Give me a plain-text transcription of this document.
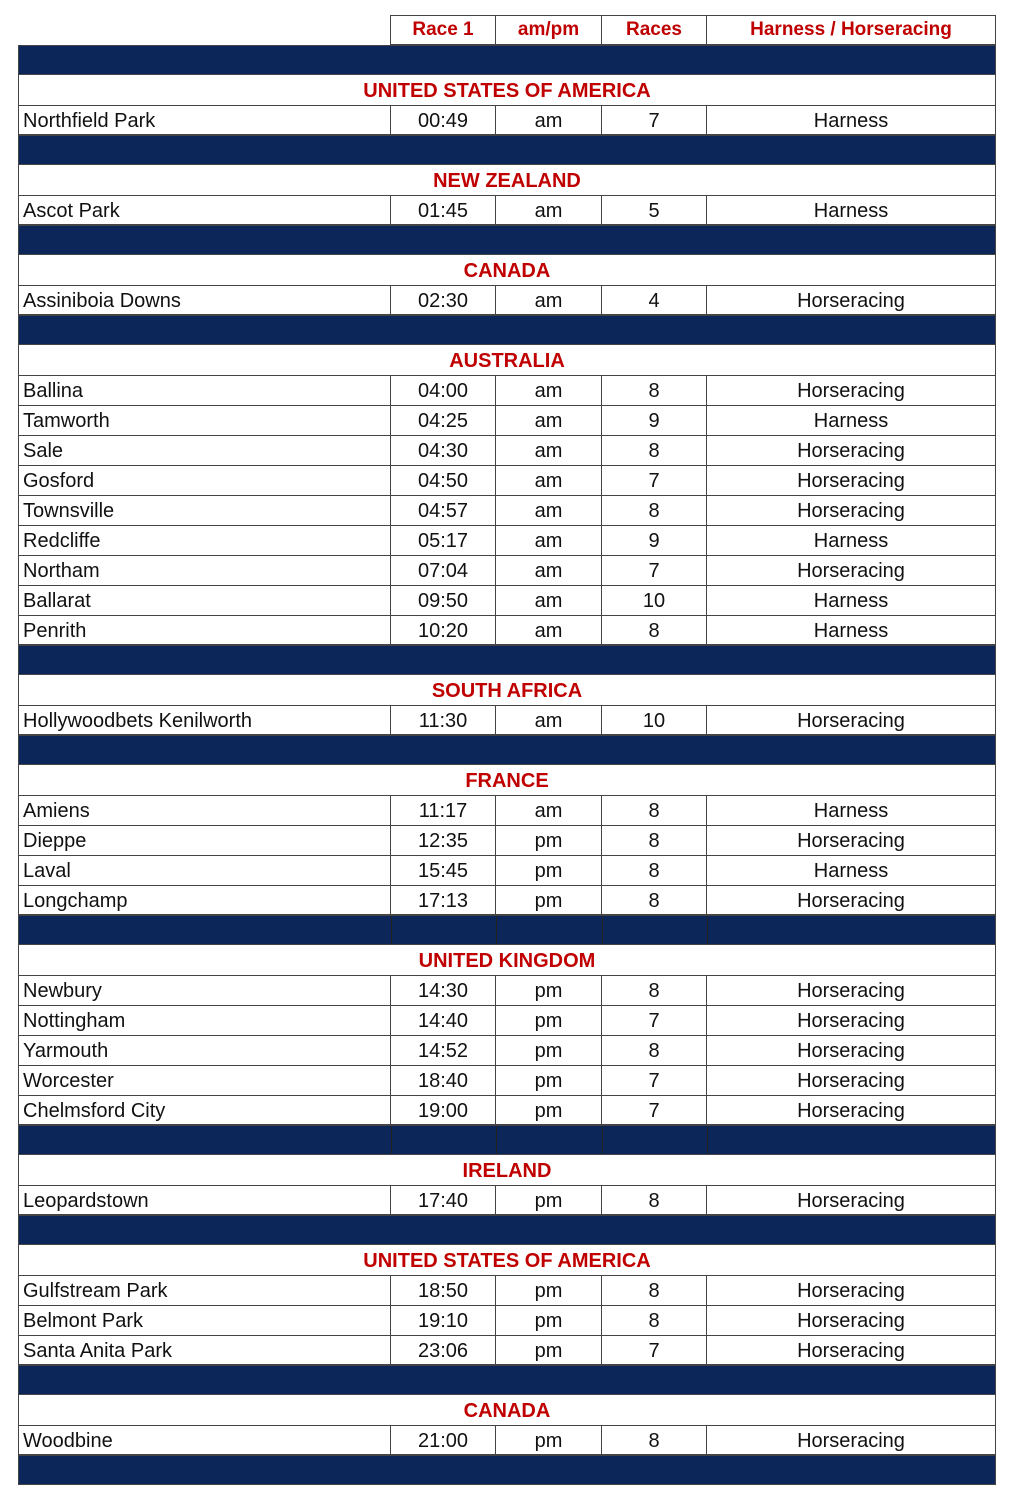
Race 1	am/pm	Races	Harness / Horseracing
UNITED STATES OF AMERICA
Northfield Park	00:49	am	7	Harness
NEW ZEALAND
Ascot Park	01:45	am	5	Harness
CANADA
Assiniboia Downs	02:30	am	4	Horseracing
AUSTRALIA
Ballina	04:00	am	8	Horseracing
Tamworth	04:25	am	9	Harness
Sale	04:30	am	8	Horseracing
Gosford	04:50	am	7	Horseracing
Townsville	04:57	am	8	Horseracing
Redcliffe	05:17	am	9	Harness
Northam	07:04	am	7	Horseracing
Ballarat	09:50	am	10	Harness
Penrith	10:20	am	8	Harness
SOUTH AFRICA
Hollywoodbets Kenilworth	11:30	am	10	Horseracing
FRANCE
Amiens	11:17	am	8	Harness
Dieppe	12:35	pm	8	Horseracing
Laval	15:45	pm	8	Harness
Longchamp	17:13	pm	8	Horseracing
UNITED KINGDOM
Newbury	14:30	pm	8	Horseracing
Nottingham	14:40	pm	7	Horseracing
Yarmouth	14:52	pm	8	Horseracing
Worcester	18:40	pm	7	Horseracing
Chelmsford City	19:00	pm	7	Horseracing
IRELAND
Leopardstown	17:40	pm	8	Horseracing
UNITED STATES OF AMERICA
Gulfstream Park	18:50	pm	8	Horseracing
Belmont Park	19:10	pm	8	Horseracing
Santa Anita Park	23:06	pm	7	Horseracing
CANADA
Woodbine	21:00	pm	8	Horseracing
